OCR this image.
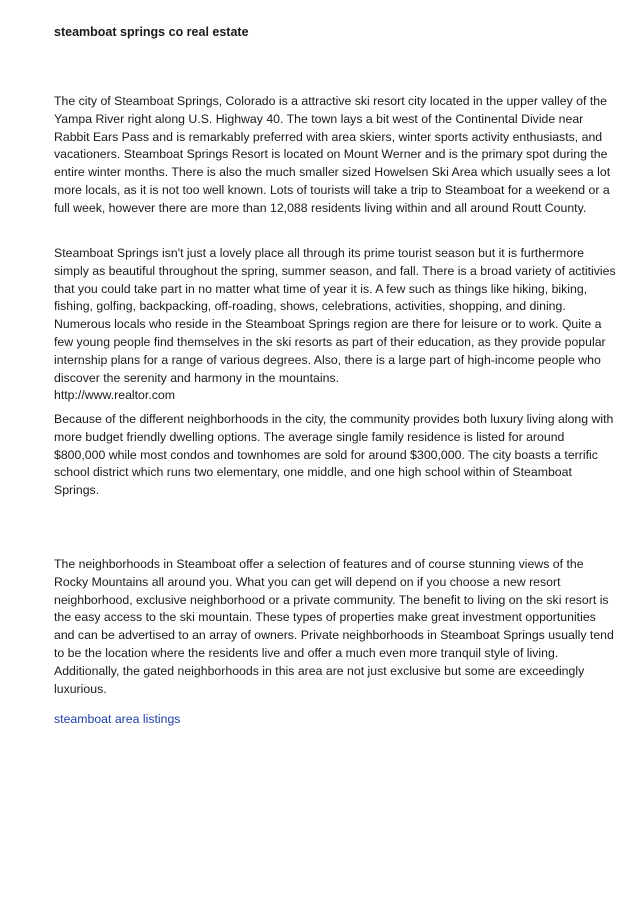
steamboat springs co real estate

The city of Steamboat Springs, Colorado is a attractive ski resort city located in the upper valley of the Yampa River right along U.S. Highway 40. The town lays a bit west of the Continental Divide near Rabbit Ears Pass and is remarkably preferred with area skiers, winter sports activity enthusiasts, and vacationers. Steamboat Springs Resort is located on Mount Werner and is the primary spot during the entire winter months. There is also the much smaller sized Howelsen Ski Area which usually sees a lot more locals, as it is not too well known. Lots of tourists will take a trip to Steamboat for a weekend or a full week, however there are more than 12,088 residents living within and all around Routt County.

Steamboat Springs isn't just a lovely place all through its prime tourist season but it is furthermore simply as beautiful throughout the spring, summer season, and fall. There is a broad variety of actitivies that you could take part in no matter what time of year it is. A few such as things like hiking, biking, fishing, golfing, backpacking, off-roading, shows, celebrations, activities, shopping, and dining. Numerous locals who reside in the Steamboat Springs region are there for leisure or to work. Quite a few young people find themselves in the ski resorts as part of their education, as they provide popular internship plans for a range of various degrees. Also, there is a large part of high-income people who discover the serenity and harmony in the mountains.
http://www.realtor.com

Because of the different neighborhoods in the city, the community provides both luxury living along with more budget friendly dwelling options. The average single family residence is listed for around $800,000 while most condos and townhomes are sold for around $300,000. The city boasts a terrific school district which runs two elementary, one middle, and one high school within of Steamboat Springs.

The neighborhoods in Steamboat offer a selection of features and of course stunning views of the Rocky Mountains all around you. What you can get will depend on if you choose a new resort neighborhood, exclusive neighborhood or a private community. The benefit to living on the ski resort is the easy access to the ski mountain. These types of properties make great investment opportunities and can be advertised to an array of owners. Private neighborhoods in Steamboat Springs usually tend to be the location where the residents live and offer a much even more tranquil style of living. Additionally, the gated neighborhoods in this area are not just exclusive but some are exceedingly luxurious.

steamboat area listings
